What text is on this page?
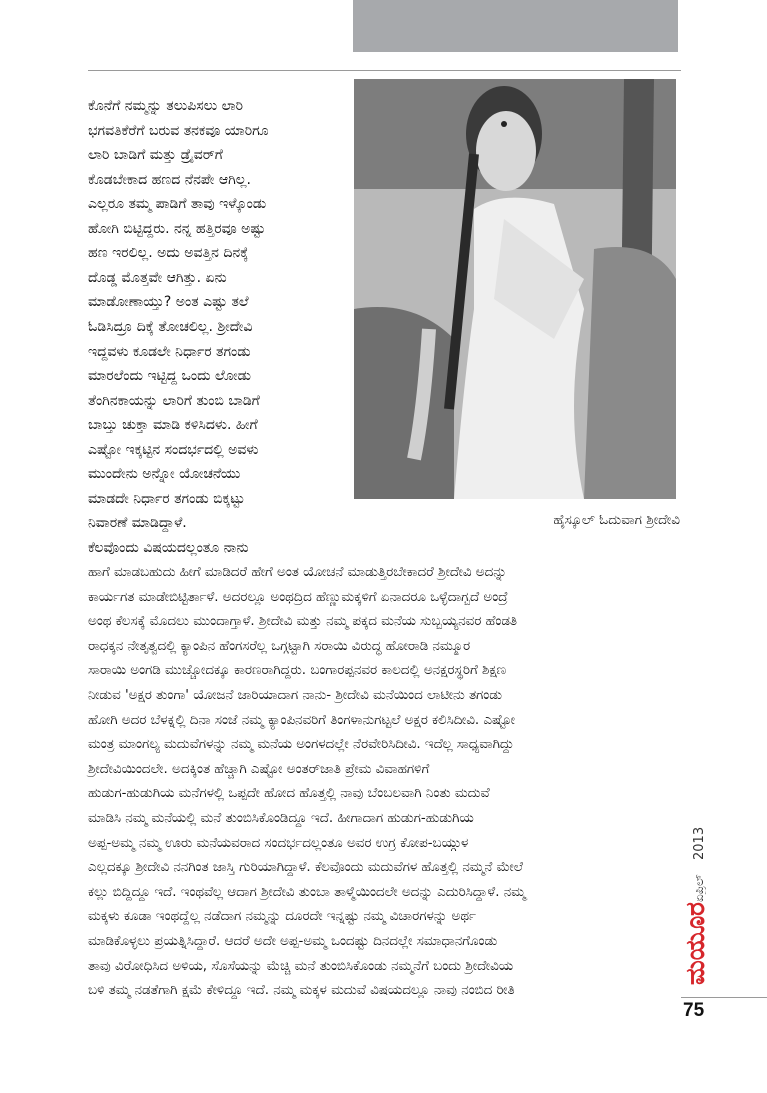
ಹೈಸ್ಕೂಲ್ ಓದುವಾಗ ಶ್ರೀದೇವಿ
ಕೊನೆಗೆ ನಮ್ಮನ್ನು ತಲುಪಿಸಲು ಲಾರಿ
ಭಗವತಿಕೆರೆಗೆ ಬರುವ ತನಕವೂ ಯಾರಿಗೂ
ಲಾರಿ ಬಾಡಿಗೆ ಮತ್ತು ಡ್ರೈವರ್‌ಗೆ
ಕೊಡಬೇಕಾದ ಹಣದ ನೆನಪೇ ಆಗಿಲ್ಲ.
ಎಲ್ಲರೂ ತಮ್ಮ ಪಾಡಿಗೆ ತಾವು ಇಳ್ಕೊಂಡು
ಹೋಗಿ ಬಿಟ್ಟಿದ್ದರು. ನನ್ನ ಹತ್ತಿರವೂ ಅಷ್ಟು
ಹಣ ಇರಲಿಲ್ಲ. ಅದು ಅವತ್ತಿನ ದಿನಕ್ಕೆ
ದೊಡ್ಡ ಮೊತ್ತವೇ ಆಗಿತ್ತು. ಏನು
ಮಾಡೋಣಾಯ್ತು? ಅಂತ ಎಷ್ಟು ತಲೆ
ಓಡಿಸಿದ್ರೂ ದಿಕ್ಕೆ ತೋಚಲಿಲ್ಲ. ಶ್ರೀದೇವಿ
ಇದ್ದವಳು ಕೂಡಲೇ ನಿರ್ಧಾರ ತಗಂಡು
ಮಾರಲೆಂದು ಇಟ್ಟಿದ್ದ ಒಂದು ಲೋಡು
ತೆಂಗಿನಕಾಯನ್ನು ಲಾರಿಗೆ ತುಂಬಿ ಬಾಡಿಗೆ
ಬಾಬ್ತು ಚುಕ್ತಾ ಮಾಡಿ ಕಳಿಸಿದಳು. ಹೀಗೆ
ಎಷ್ಟೋ ಇಕ್ಕಟ್ಟಿನ ಸಂದರ್ಭದಲ್ಲಿ ಅವಳು
ಮುಂದೇನು ಅನ್ನೋ ಯೋಚನೆಯು
ಮಾಡದೇ ನಿರ್ಧಾರ ತಗಂಡು ಬಿಕ್ಕಟ್ಟು
ನಿವಾರಣೆ ಮಾಡಿದ್ದಾಳೆ.
ಕೆಲವೊಂದು ವಿಷಯದಲ್ಲಂತೂ ನಾನು
ಹಾಗೆ ಮಾಡಬಹುದು ಹೀಗೆ ಮಾಡಿದರೆ ಹೇಗೆ ಅಂತ ಯೋಚನೆ ಮಾಡುತ್ತಿರಬೇಕಾದರೆ ಶ್ರೀದೇವಿ ಅದನ್ನು
ಕಾರ್ಯಗತ ಮಾಡೇಬಿಟ್ಟಿರ್ತಾಳೆ. ಅದರಲ್ಲೂ ಅಂಥದ್ರಿದ ಹೆಣ್ಣುಮಕ್ಕಳಿಗೆ ಏನಾದರೂ ಒಳ್ಳೆದಾಗ್ಬದೆ ಅಂದ್ರೆ
ಅಂಥ ಕೆಲಸಕ್ಕೆ ಮೊದಲು ಮುಂದಾಗ್ತಾಳೆ. ಶ್ರೀದೇವಿ ಮತ್ತು ನಮ್ಮ ಪಕ್ಕದ ಮನೆಯ ಸುಬ್ಬಯ್ಯನವರ ಹೆಂಡತಿ
ರಾಧಕ್ಕನ ನೇತೃತ್ವದಲ್ಲಿ ಕ್ಯಾಂಪಿನ ಹೆಂಗಸರೆಲ್ಲ ಒಗ್ಗಟ್ಟಾಗಿ ಸರಾಯಿ ವಿರುದ್ಧ ಹೋರಾಡಿ ನಮ್ಮೂರ
ಸಾರಾಯಿ ಅಂಗಡಿ ಮುಚ್ಚೋದಕ್ಕೂ ಕಾರಣರಾಗಿದ್ದರು. ಬಂಗಾರಪ್ಪನವರ ಕಾಲದಲ್ಲಿ ಅನಕ್ಷರಸ್ಥರಿಗೆ ಶಿಕ್ಷಣ
ನೀಡುವ 'ಅಕ್ಷರ ತುಂಗಾ' ಯೋಜನೆ ಜಾರಿಯಾದಾಗ ನಾನು- ಶ್ರೀದೇವಿ ಮನೆಯಿಂದ ಲಾಟೀನು ತಗಂಡು
ಹೋಗಿ ಅದರ ಬೆಳಕ್ನಲ್ಲಿ ದಿನಾ ಸಂಜೆ ನಮ್ಮ ಕ್ಯಾಂಪಿನವರಿಗೆ ತಿಂಗಳಾನುಗಟ್ಟಲೆ ಅಕ್ಷರ ಕಲಿಸಿದೀವಿ. ಎಷ್ಟೋ
ಮಂತ್ರ ಮಾಂಗಲ್ಯ ಮದುವೆಗಳನ್ನು ನಮ್ಮ ಮನೆಯ ಅಂಗಳದಲ್ಲೇ ನೆರವೇರಿಸಿದೀವಿ. ಇದೆಲ್ಲ ಸಾಧ್ಯವಾಗಿದ್ದು
ಶ್ರೀದೇವಿಯಿಂದಲೇ. ಅದಕ್ಕಿಂತ ಹೆಚ್ಚಾಗಿ ಎಷ್ಟೋ ಅಂತರ್‌ಜಾತಿ ಪ್ರೇಮ ವಿವಾಹಗಳಿಗೆ
ಹುಡುಗ-ಹುಡುಗಿಯ ಮನೆಗಳಲ್ಲಿ ಒಪ್ಪದೇ ಹೋದ ಹೊತ್ತಲ್ಲಿ ನಾವು ಬೆಂಬಲವಾಗಿ ನಿಂತು ಮದುವೆ
ಮಾಡಿಸಿ ನಮ್ಮ ಮನೆಯಲ್ಲಿ ಮನೆ ತುಂಬಿಸಿಕೊಂಡಿದ್ದೂ ಇದೆ. ಹೀಗಾದಾಗ ಹುಡುಗ-ಹುಡುಗಿಯ
ಅಪ್ಪ-ಅಮ್ಮ ನಮ್ಮ ಊರು ಮನೆಯವರಾದ ಸಂದರ್ಭದಲ್ಲಂತೂ ಅವರ ಉಗ್ರ ಕೋಪ-ಬಯ್ಗುಳ
ಎಲ್ಲದಕ್ಕೂ ಶ್ರೀದೇವಿ ನನಗಿಂತ ಜಾಸ್ತಿ ಗುರಿಯಾಗಿದ್ದಾಳೆ. ಕೆಲವೊಂದು ಮದುವೆಗಳ ಹೊತ್ತಲ್ಲಿ ನಮ್ಮನೆ ಮೇಲೆ
ಕಲ್ಲು ಬಿದ್ದಿದ್ದೂ ಇದೆ. ಇಂಥವೆಲ್ಲ ಆದಾಗ ಶ್ರೀದೇವಿ ತುಂಬಾ ತಾಳ್ಮೆಯಿಂದಲೇ ಅದನ್ನು ಎದುರಿಸಿದ್ದಾಳೆ. ನಮ್ಮ
ಮಕ್ಕಳು ಕೂಡಾ ಇಂಥದ್ದೆಲ್ಲ ನಡೆದಾಗ ನಮ್ಮನ್ನು ದೂರದೇ ಇನ್ನಷ್ಟು ನಮ್ಮ ವಿಚಾರಗಳನ್ನು ಅರ್ಥ
ಮಾಡಿಕೊಳ್ಳಲು ಪ್ರಯತ್ನಿಸಿದ್ದಾರೆ. ಆದರೆ ಅದೇ ಅಪ್ಪ-ಅಮ್ಮ ಒಂದಷ್ಟು ದಿನದಲ್ಲೇ ಸಮಾಧಾನಗೊಂಡು
ತಾವು ವಿರೋಧಿಸಿದ ಅಳಿಯ, ಸೊಸೆಯನ್ನು ಮೆಚ್ಚಿ ಮನೆ ತುಂಬಿಸಿಕೊಂಡು ನಮ್ಮನೆಗೆ ಬಂದು ಶ್ರೀದೇವಿಯ
ಬಳಿ ತಮ್ಮ ನಡತೆಗಾಗಿ ಕ್ಷಮೆ ಕೇಳಿದ್ದೂ ಇದೆ. ನಮ್ಮ ಮಕ್ಕಳ ಮದುವೆ ವಿಷಯದಲ್ಲೂ ನಾವು ನಂಬಿದ ರೀತಿ
2013
ಏಪ್ರಿಲ್
ಮಯೂರ
75
